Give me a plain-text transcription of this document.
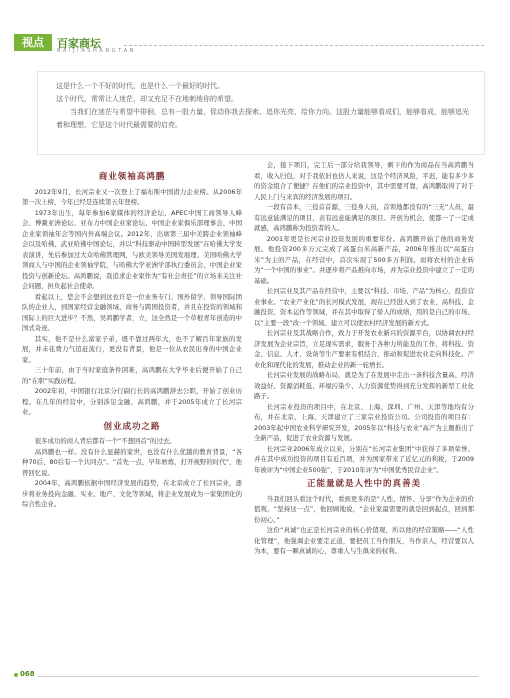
视点	百家商坛
B A I J I A S H A N G T A N

这是什么一个不好的时代，也是什么一个最好的时代。

这个时代，常常让人迷茫，却又充足不在地刺地你的希望。

当我们在迷茫与希望中徘徊，总有一股力量，促动你我去探索、追你光亮、给你力向。这股力量能够看成们，能够看成，能够追光着和理想，它是这个时代最需要的启亮。

商业领袖高鸿鹏

2012年9月，长河宗业又一次登上了福布斯中国潜力企业榜。从2006年第一次上榜，今年已经是连续第五年登榜。

1973年出生，每年参加6家媒体的经济论坛、APEC中国工商领导人峰会、博鳌亚洲论坛、亚布力中国企业家论坛、中国企业家俱乐部理事会、中国企业家领袖年会等国内外高端会议。2012年，出席第三届中美跨企业领袖峰会以及哈佛、武亚哈佛中国论坛，并以“科技驱动中国转型发展”在哈佛大学发表演讲，先后参加过大众哈佛管理网，与欧美领导美国发展理、美国哈佛大学领商人与中国的企业领袖学院，与哈佛大学亚洲学部执行委员会、中国企业家投资与创新论坛。高鸿鹏说，我追求企业家作为“有社会责任”的立场来关注社会问题，担负起社会使命。

看起以上，您会不会想到这也许是一位业务专门、国外留学、领导国际团队的企业人，到国家经营金融领域、商务与跨国投资者，并且在投资的领域和国际上的巨大进步？不然，吴鸿鹏学者，立，这全然是一个草根青年创造的中国式奇迹。

其实，他不是什么富家子弟，既不靠过两年大，也不了解百年家族的发展，并未花费力气追赶流行，更没有背景，他是一位从农民出身的中国企业家。

三十年前，由于当时家庭条件困难，高鸿鹏在大学毕业后便开始了自己的“在职”实践历程。

2002年初，中国银行北京分行副行长的高鸿鹏辞去公职，开始了创业历程。在几年的经营中，分别涉足金融、高鸿鹏，并于2005年成立了长河宗业。

创业成功之路

很多成功的商人背后都有一个“不想回首”的过去。

高鸿鹏也一样。没有什么显赫的家世，也没有什么优越的教育背景，“各种70后、80后有一个共同点”。“首先一点，早年磨炼，打开视野的时代”，他曾回忆说。

2004年，高鸿鹏依据中国经济发展的趋势，在北京成立了长河宗业，逐步将业务投向金融、实业、地产、文化等领域，将企业发展成为一家集团化的综合性企业。

会，接下项目，完工后一部分给我领导，剩下的作为商品在当高鸿鹏当看，收入归包，对于我依旧也仍人来说，这是个经济风险，平迟，能有多少多的资金组合了便捷？在他们的宗业投资中，其中需要可靠，高鸿鹏取得了对于人民上门与来宾的经济发展的项目。

一段有首本，三役首首源，三役身人员，首领地都没有的“三无”人员，最有远意能满足的项目，表有远意能满足的项目。开创为机会，使都一了一定成就感，高鸿鹏称为投资者的人。

2001年更是长河宗业投资发展的重要年份。高鸿鹏开始了他的商务发展。他投资200多万元完成了高蛋白米高新产品，2006年推出以“高蛋白米”为主的产品，在经营中，首次实现了500多万利润。而将农村的企业转为“一个中国的事业”。并逐步将产品推向市场，并为宗业投资中建立了一定的基础。

长河宗业及其产品在经营中，主要以“科技、市场、产品”为核心，投资营业事业。“农业产业化”的长河模式发展，现在已经进入到了农业、高科技、金融投资、资本运作等领域，并在其中取得了骄人的成绩，用的是自己的市场、以“主要一段”改一个领域、建立可以使农村经济发展的新方式。

长河宗业及其战略合作，致力于开发农业新兴的资源平台，以协调农村经济发展为企业宗旨，立足现实需求，服务于各种力所能及的工作，将科技、资金、信息、人才、设备等生产要素有机结合，推动和促进农业走向科技化、产业化和现代化的发展，推动企业的新一轮增长。

长河宗业发展的战略布局，就是为了在发展中走出一条科技含量高、经济效益好、资源消耗低、环境污染少、人力资源优势得到充分发挥的新型工业化路子。

长河宗业投资的项目中，在北京、上海、深圳、广州、天津等地均有分布，并在北京、上海、天津建立了三家宗业投资公司。公司投资的项目有：2003年起中国农业科学研究开发，2005年以“科技与农业”高产为主题推出了全新产品，促进了农业资源与发展。

长河宗业2006年成立以来，分别在“长河宗业集团”中获得了多项荣誉。并在其中成功投资的项目有近百项，并为国家带来了近亿元的利税，于2009年被评为“中国企业500强”，于2010年评为“中国优秀民营企业”。

正能量就是人性中的真善美

当我们回头看这个时代，看到更多的是“人性、情怀、分享”作为企业的价值观，“坚持这一点”，他回顾地说，“企业家最需要的就是回到起点，回到那份初心。”

这份“真诚”也正是长河宗业的核心价值观，所以他的经营策略——“人性化管理”，他强调企业要走正道，要把员工当作朋友，当作亲人，经营要以人为本，要有一颗真诚的心，尊重人与生俱来的权利。

068
